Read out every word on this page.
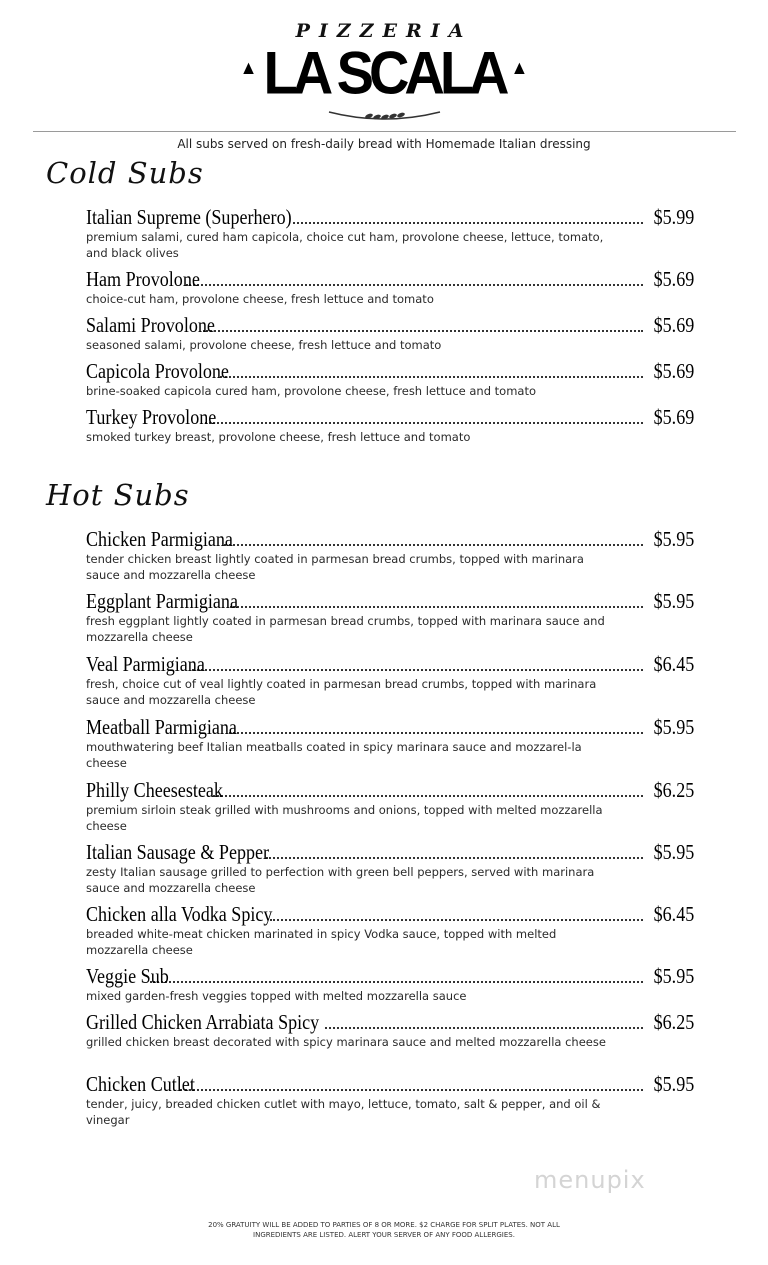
PIZZERIA
▲ LA SCALA ▲
All subs served on fresh-daily bread with Homemade Italian dressing
Cold Subs
Italian Supreme (Superhero)	$5.99
premium salami, cured ham capicola, choice cut ham, provolone cheese, lettuce, tomato, and black olives
Ham Provolone	$5.69
choice-cut ham, provolone cheese, fresh lettuce and tomato
Salami Provolone	$5.69
seasoned salami, provolone cheese, fresh lettuce and tomato
Capicola Provolone	$5.69
brine-soaked capicola cured ham, provolone cheese, fresh lettuce and tomato
Turkey Provolone	$5.69
smoked turkey breast, provolone cheese, fresh lettuce and tomato
Hot Subs
Chicken Parmigiana	$5.95
tender chicken breast lightly coated in parmesan bread crumbs, topped with marinara sauce and mozzarella cheese
Eggplant Parmigiana	$5.95
fresh eggplant lightly coated in parmesan bread crumbs, topped with marinara sauce and mozzarella cheese
Veal Parmigiana	$6.45
fresh, choice cut of veal lightly coated in parmesan bread crumbs, topped with marinara sauce and mozzarella cheese
Meatball Parmigiana	$5.95
mouthwatering beef Italian meatballs coated in spicy marinara sauce and mozzarel-la cheese
Philly Cheesesteak	$6.25
premium sirloin steak grilled with mushrooms and onions, topped with melted mozzarella cheese
Italian Sausage & Pepper	$5.95
zesty Italian sausage grilled to perfection with green bell peppers, served with marinara sauce and mozzarella cheese
Chicken alla Vodka Spicy	$6.45
breaded white-meat chicken marinated in spicy Vodka sauce, topped with melted mozzarella cheese
Veggie Sub	$5.95
mixed garden-fresh veggies topped with melted mozzarella sauce
Grilled Chicken Arrabiata Spicy	$6.25
grilled chicken breast decorated with spicy marinara sauce and melted mozzarella cheese
Chicken Cutlet	$5.95
tender, juicy, breaded chicken cutlet with mayo, lettuce, tomato, salt & pepper, and oil & vinegar
menupix
20% GRATUITY WILL BE ADDED TO PARTIES OF 8 OR MORE. $2 CHARGE FOR SPLIT PLATES. NOT ALL INGREDIENTS ARE LISTED. ALERT YOUR SERVER OF ANY FOOD ALLERGIES.
